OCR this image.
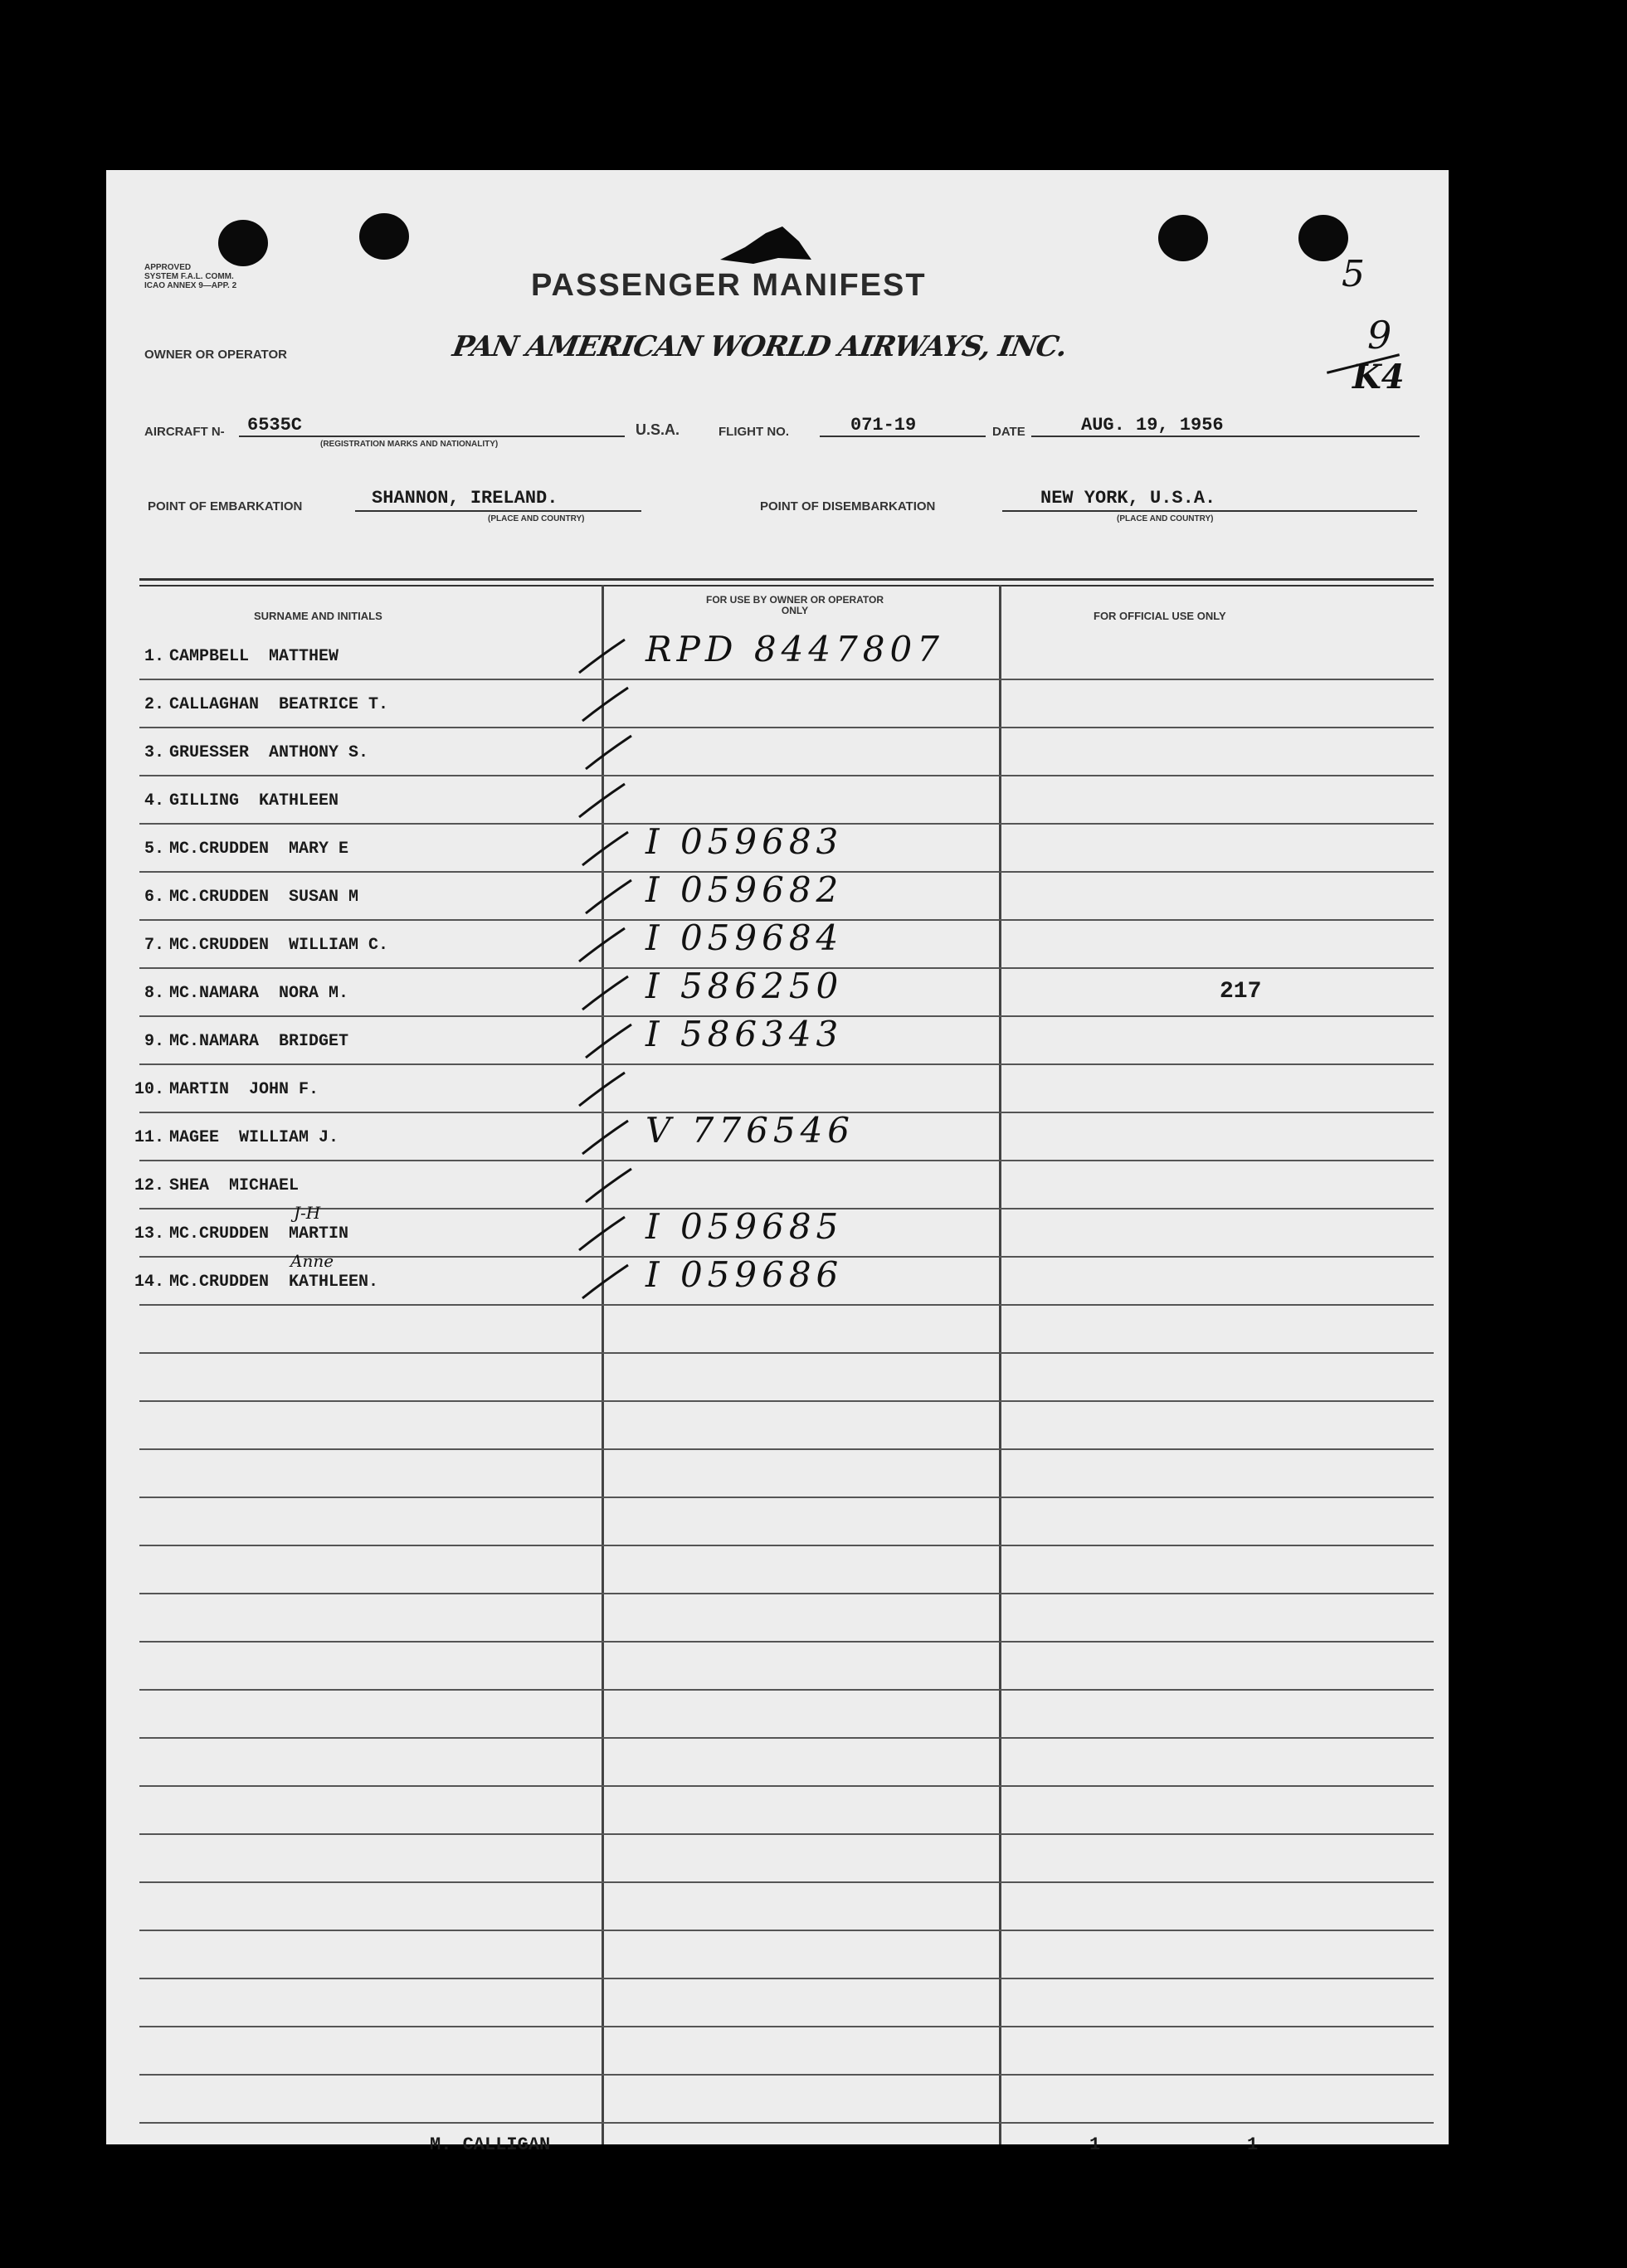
APPROVED
SYSTEM F.A.L. COMM.
ICAO ANNEX 9—APP. 2	PASSENGER MANIFEST
OWNER OR OPERATOR	PAN AMERICAN WORLD AIRWAYS, INC.
5
9
K4
AIRCRAFT N- 6535C
(REGISTRATION MARKS AND NATIONALITY)
U.S.A.	FLIGHT NO.	071-19	DATE	AUG. 19, 1956
POINT OF EMBARKATION	SHANNON, IRELAND.
(PLACE AND COUNTRY)
POINT OF DISEMBARKATION	NEW YORK, U.S.A.
(PLACE AND COUNTRY)
SURNAME AND INITIALS
FOR USE BY OWNER OR OPERATOR ONLY	FOR OFFICIAL USE ONLY
1. CAMPBELL  MATTHEW	RPD 8447807
2. CALLAGHAN  BEATRICE T.
3. GRUESSER  ANTHONY S.
4. GILLING  KATHLEEN
5. MC.CRUDDEN  MARY E	I 059683
6. MC.CRUDDEN  SUSAN M	I 059682
7. MC.CRUDDEN  WILLIAM C.	I 059684
8. MC.NAMARA  NORA M.	I 586250	217
9. MC.NAMARA  BRIDGET	I 586343
10. MARTIN  JOHN F.
11. MAGEE  WILLIAM J.	V 776546
12. SHEA  MICHAEL
13. MC.CRUDDEN  MARTIN	I 059685
J-H
14. MC.CRUDDEN  KATHLEEN.	I 059686
Anne
M. CALLIGAN	1	1
